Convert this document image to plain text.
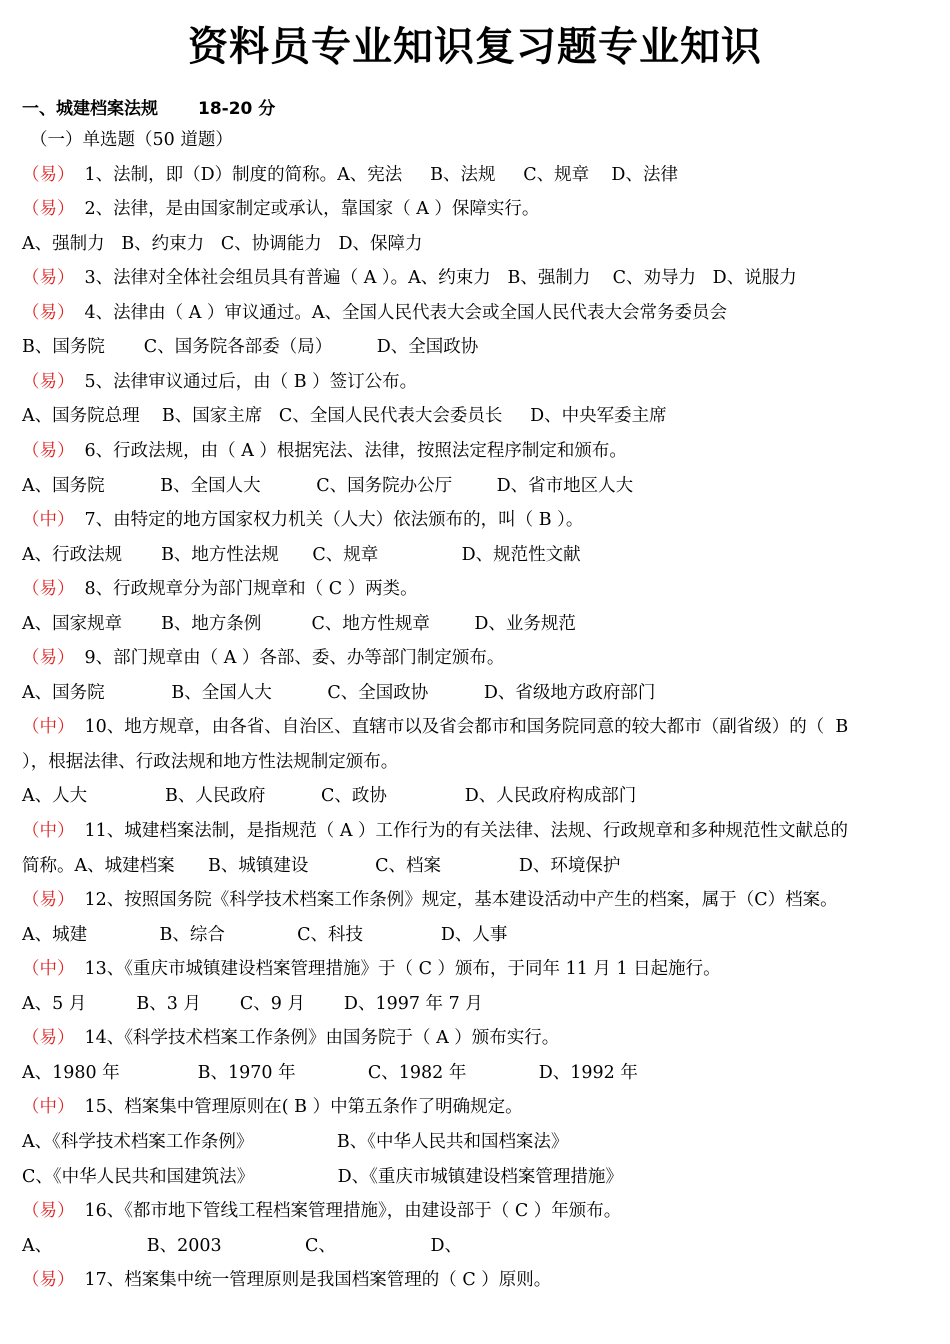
资料员专业知识复习题专业知识
一、城建档案法规 18-20 分
（一）单选题（50 道题）
（易） 1、法制，即（D）制度的简称。A、宪法     B、法规     C、规章    D、法律
（易） 2、法律，是由国家制定或承认，靠国家（ A ）保障实行。
A、强制力   B、约束力   C、协调能力   D、保障力
（易） 3、法律对全体社会组员具有普遍（ A ）。A、约束力   B、强制力    C、劝导力   D、说服力
（易） 4、法律由（ A ）审议通过。A、全国人民代表大会或全国人民代表大会常务委员会
B、国务院       C、国务院各部委（局）        D、全国政协
（易） 5、法律审议通过后，由（ B ）签订公布。
A、国务院总理    B、国家主席   C、全国人民代表大会委员长     D、中央军委主席
（易） 6、行政法规，由（ A ）根据宪法、法律，按照法定程序制定和颁布。
A、国务院          B、全国人大          C、国务院办公厅        D、省市地区人大
（中） 7、由特定的地方国家权力机关（人大）依法颁布的，叫（ B ）。
A、行政法规       B、地方性法规      C、规章               D、规范性文献
（易） 8、行政规章分为部门规章和（ C ）两类。
A、国家规章       B、地方条例         C、地方性规章        D、业务规范
（易） 9、部门规章由（ A ）各部、委、办等部门制定颁布。
A、国务院            B、全国人大          C、全国政协          D、省级地方政府部门
（中） 10、地方规章，由各省、自治区、直辖市以及省会都市和国务院同意的较大都市（副省级）的（  B
），根据法律、行政法规和地方性法规制定颁布。
A、人大              B、人民政府          C、政协              D、人民政府构成部门
（中） 11、城建档案法制，是指规范（ A ）工作行为的有关法律、法规、行政规章和多种规范性文献总的
简称。A、城建档案      B、城镇建设            C、档案              D、环境保护
（易） 12、按照国务院《科学技术档案工作条例》规定，基本建设活动中产生的档案，属于（C）档案。
A、城建             B、综合             C、科技              D、人事
（中） 13、《重庆市城镇建设档案管理措施》于（ C ）颁布，于同年 11 月 1 日起施行。
A、5 月         B、3 月       C、9 月       D、1997 年 7 月
（易） 14、《科学技术档案工作条例》由国务院于（ A ）颁布实行。
A、1980 年              B、1970 年             C、1982 年             D、1992 年
（中） 15、档案集中管理原则在( B ）中第五条作了明确规定。
A、《科学技术档案工作条例》               B、《中华人民共和国档案法》
C、《中华人民共和国建筑法》               D、《重庆市城镇建设档案管理措施》
（易） 16、《都市地下管线工程档案管理措施》，由建设部于（ C ）年颁布。
A、                 B、2003               C、                 D、
（易） 17、档案集中统一管理原则是我国档案管理的（ C ）原则。
